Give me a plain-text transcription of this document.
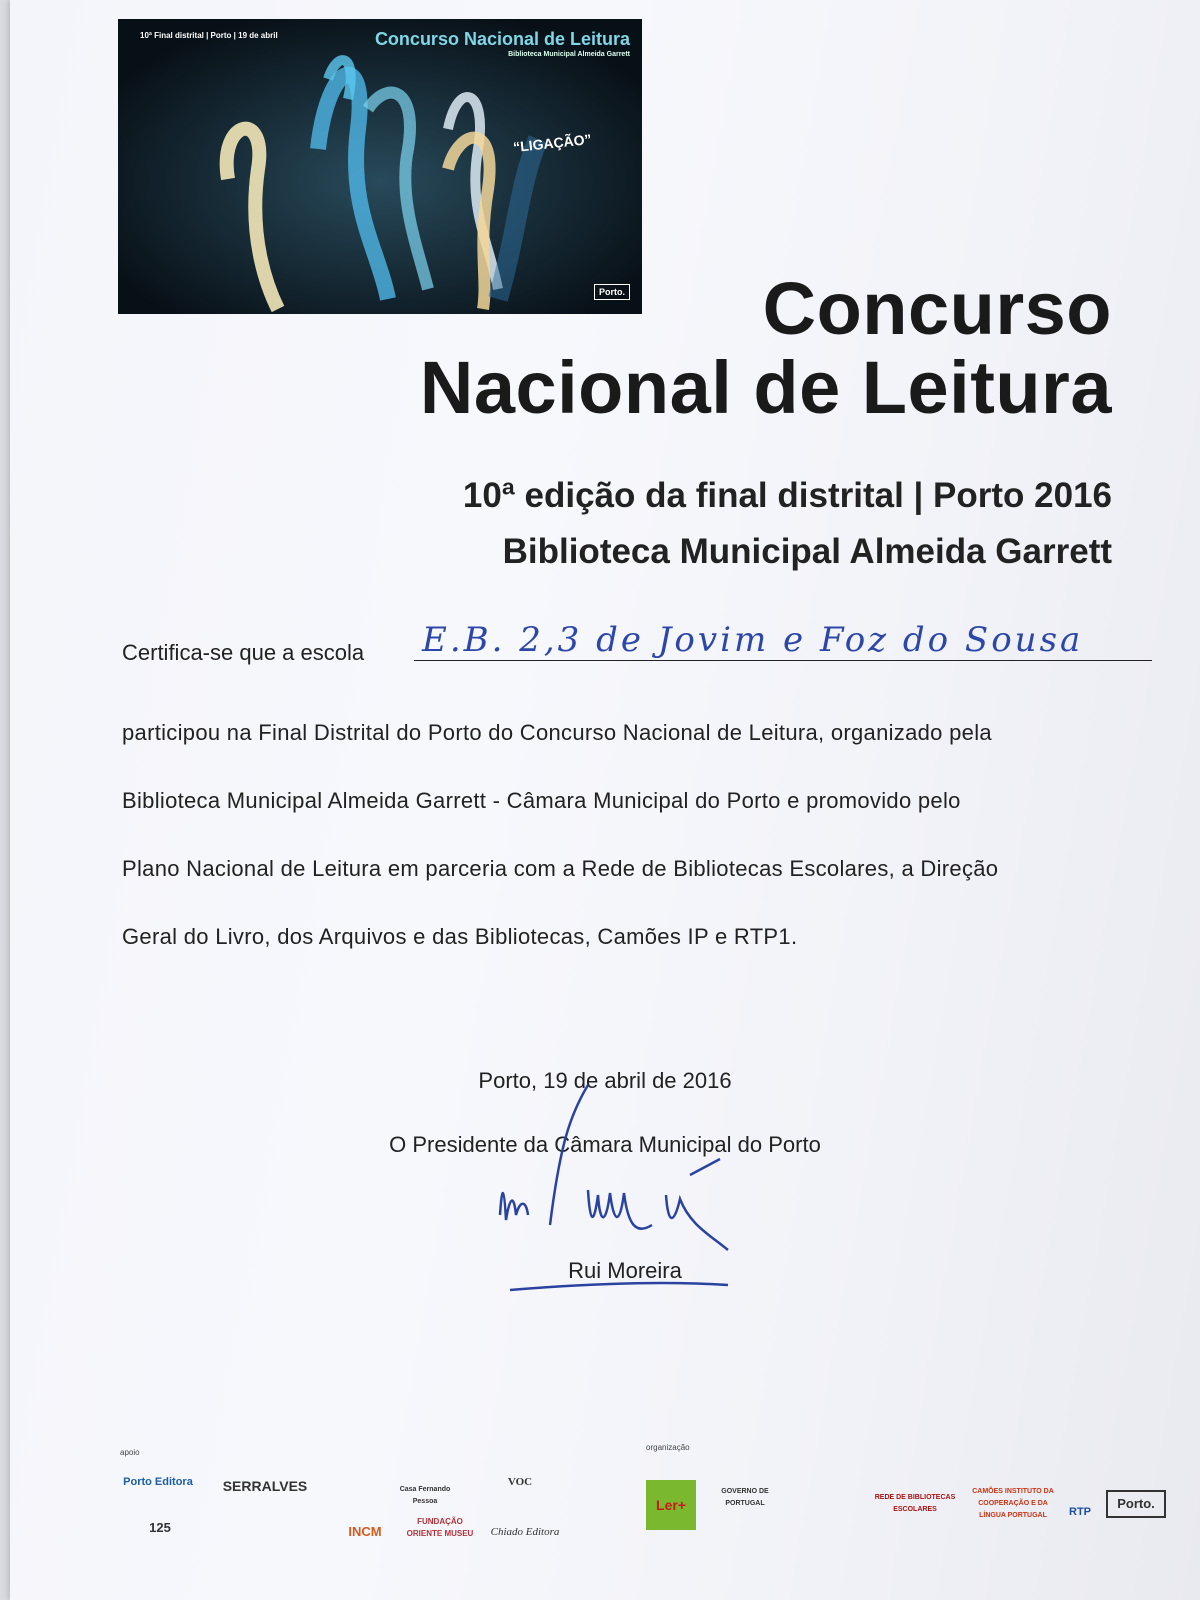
10ª Final distrital | Porto | 19 de abril	Concurso Nacional de Leitura
Biblioteca Municipal Almeida Garrett
“LIGAÇÃO”
Porto. Concurso
Nacional de Leitura
10ª edição da final distrital | Porto 2016
Biblioteca Municipal Almeida Garrett
Certifica-se que a escola E.B. 2,3 de Jovim e Foz do Sousa
participou na Final Distrital do Porto do Concurso Nacional de Leitura, organizado pela
Biblioteca Municipal Almeida Garrett - Câmara Municipal do Porto e promovido pelo
Plano Nacional de Leitura em parceria com a Rede de Bibliotecas Escolares, a Direção
Geral do Livro, dos Arquivos e das Bibliotecas, Camões IP e RTP1.
Porto, 19 de abril de 2016
O Presidente da Câmara Municipal do Porto
Rui Moreira
apoio
organização
Porto Editora	SERRALVES	Casa Fernando Pessoa
VOC
125	INCM
FUNDAÇÃO ORIENTE MUSEU	Chiado Editora
Ler+
GOVERNO DE PORTUGAL
REDE DE BIBLIOTECAS ESCOLARES
CAMÕES INSTITUTO DA COOPERAÇÃO E DA LÍNGUA PORTUGAL	RTP
Porto.
